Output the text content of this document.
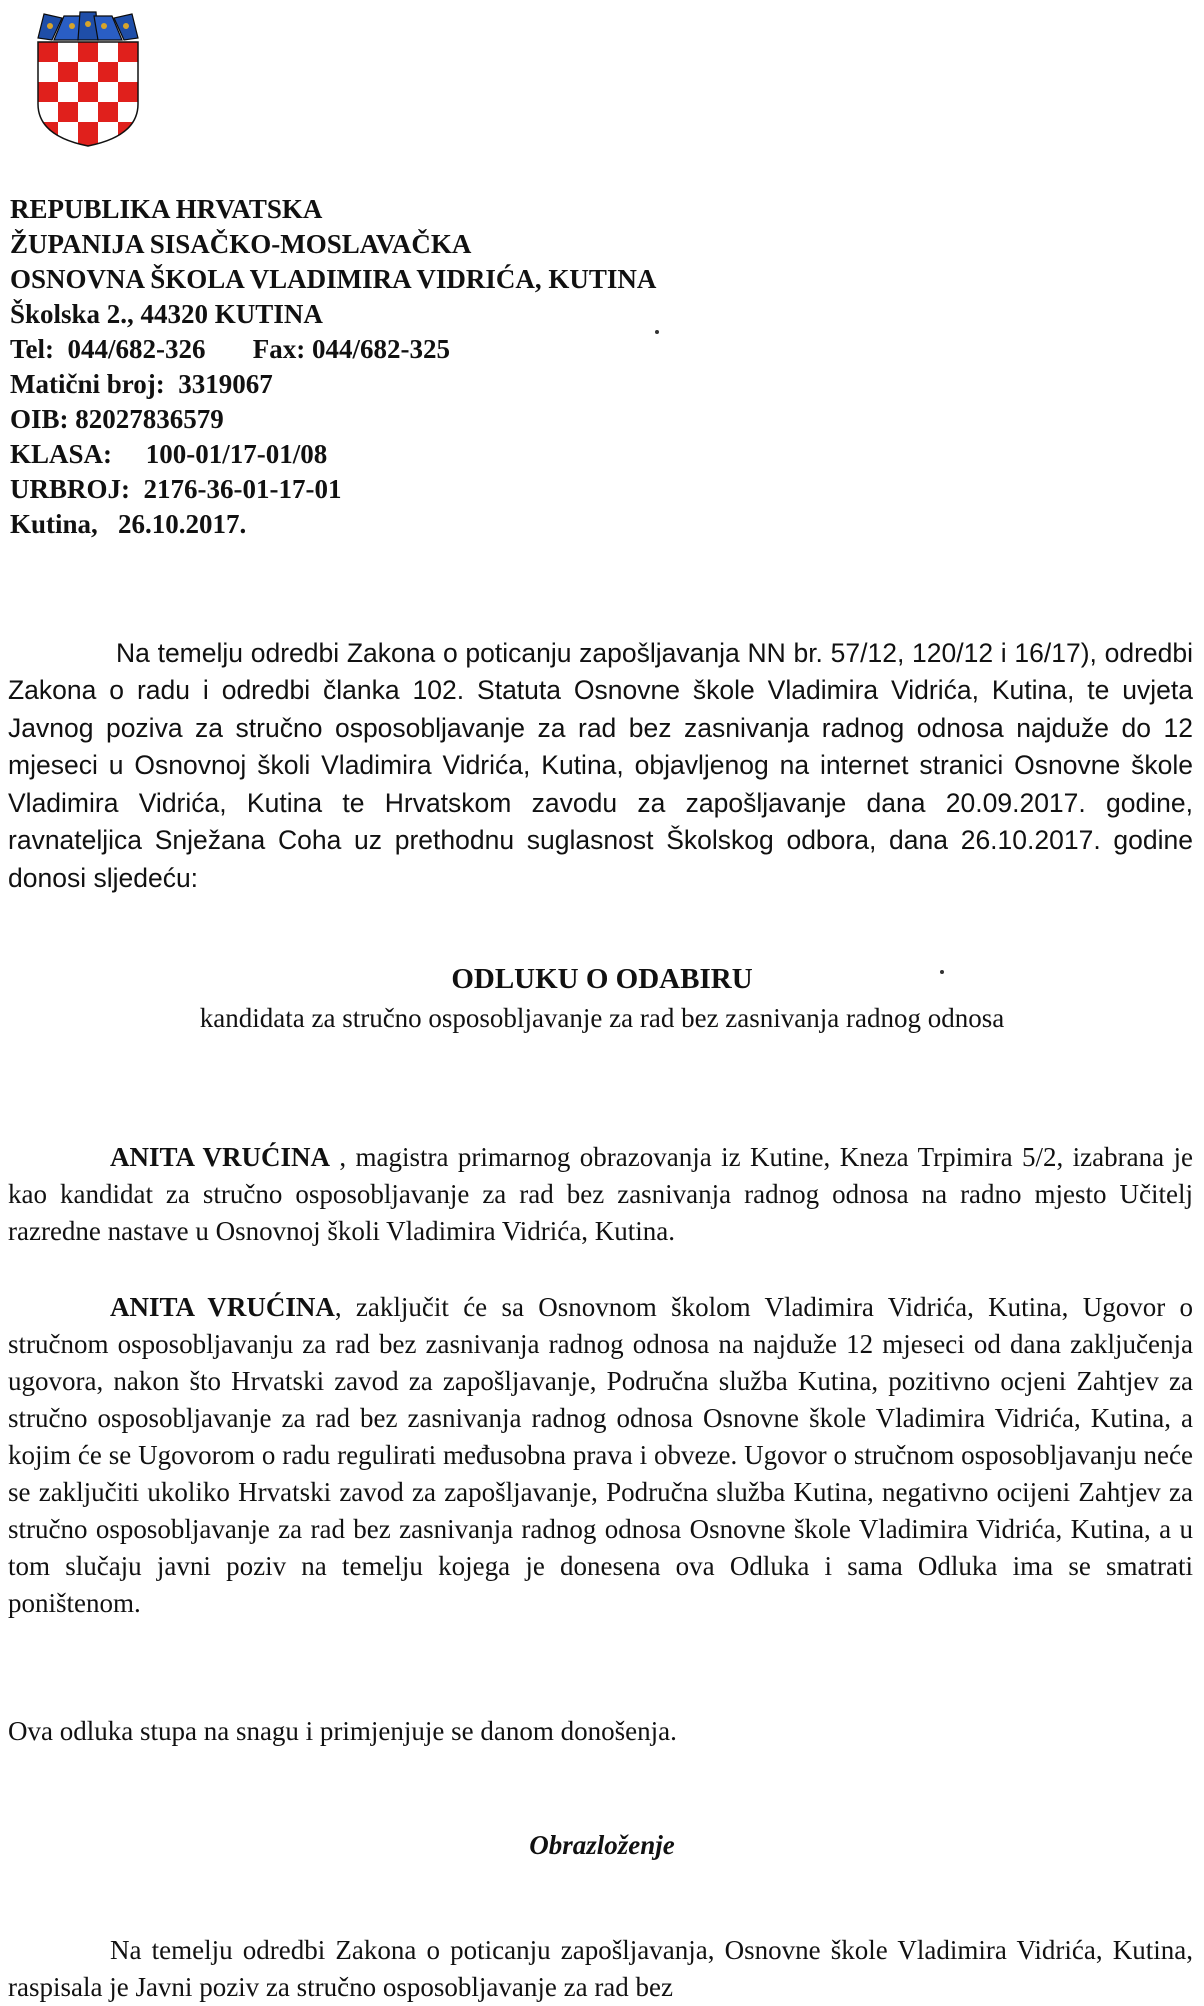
REPUBLIKA HRVATSKA
ŽUPANIJA SISAČKO-MOSLAVAČKA
OSNOVNA ŠKOLA VLADIMIRA VIDRIĆA, KUTINA
Školska 2., 44320 KUTINA
Tel:  044/682-326       Fax: 044/682-325
Matični broj:  3319067
OIB: 82027836579
KLASA:     100-01/17-01/08
URBROJ:  2176-36-01-17-01
Kutina,   26.10.2017.

Na temelju odredbi Zakona o poticanju zapošljavanja NN br. 57/12, 120/12 i 16/17), odredbi Zakona o radu i odredbi članka 102. Statuta Osnovne škole Vladimira Vidrića, Kutina, te uvjeta Javnog poziva za stručno osposobljavanje za rad bez zasnivanja radnog odnosa najduže do 12 mjeseci u Osnovnoj školi Vladimira Vidrića, Kutina, objavljenog na internet stranici Osnovne škole Vladimira Vidrića, Kutina te Hrvatskom zavodu za zapošljavanje dana 20.09.2017. godine, ravnateljica Snježana Coha uz prethodnu suglasnost Školskog odbora, dana 26.10.2017. godine donosi sljedeću:

ODLUKU O ODABIRU
kandidata za stručno osposobljavanje za rad bez zasnivanja radnog odnosa

ANITA VRUĆINA , magistra primarnog obrazovanja iz Kutine, Kneza Trpimira 5/2, izabrana je kao kandidat za stručno osposobljavanje za rad bez zasnivanja radnog odnosa na radno mjesto Učitelj razredne nastave u Osnovnoj školi Vladimira Vidrića, Kutina.

ANITA VRUĆINA, zaključit će sa Osnovnom školom Vladimira Vidrića, Kutina, Ugovor o stručnom osposobljavanju za rad bez zasnivanja radnog odnosa na najduže 12 mjeseci od dana zaključenja ugovora, nakon što Hrvatski zavod za zapošljavanje, Područna služba Kutina, pozitivno ocjeni Zahtjev za stručno osposobljavanje za rad bez zasnivanja radnog odnosa Osnovne škole Vladimira Vidrića, Kutina, a kojim će se Ugovorom o radu regulirati međusobna prava i obveze. Ugovor o stručnom osposobljavanju neće se zaključiti ukoliko Hrvatski zavod za zapošljavanje, Područna služba Kutina, negativno ocijeni Zahtjev za stručno osposobljavanje za rad bez zasnivanja radnog odnosa Osnovne škole Vladimira Vidrića, Kutina, a u tom slučaju javni poziv na temelju kojega je donesena ova Odluka i sama Odluka ima se smatrati poništenom.

Ova odluka stupa na snagu i primjenjuje se danom donošenja.

Obrazloženje

Na temelju odredbi Zakona o poticanju zapošljavanja, Osnovne škole Vladimira Vidrića, Kutina, raspisala je Javni poziv za stručno osposobljavanje za rad bez
